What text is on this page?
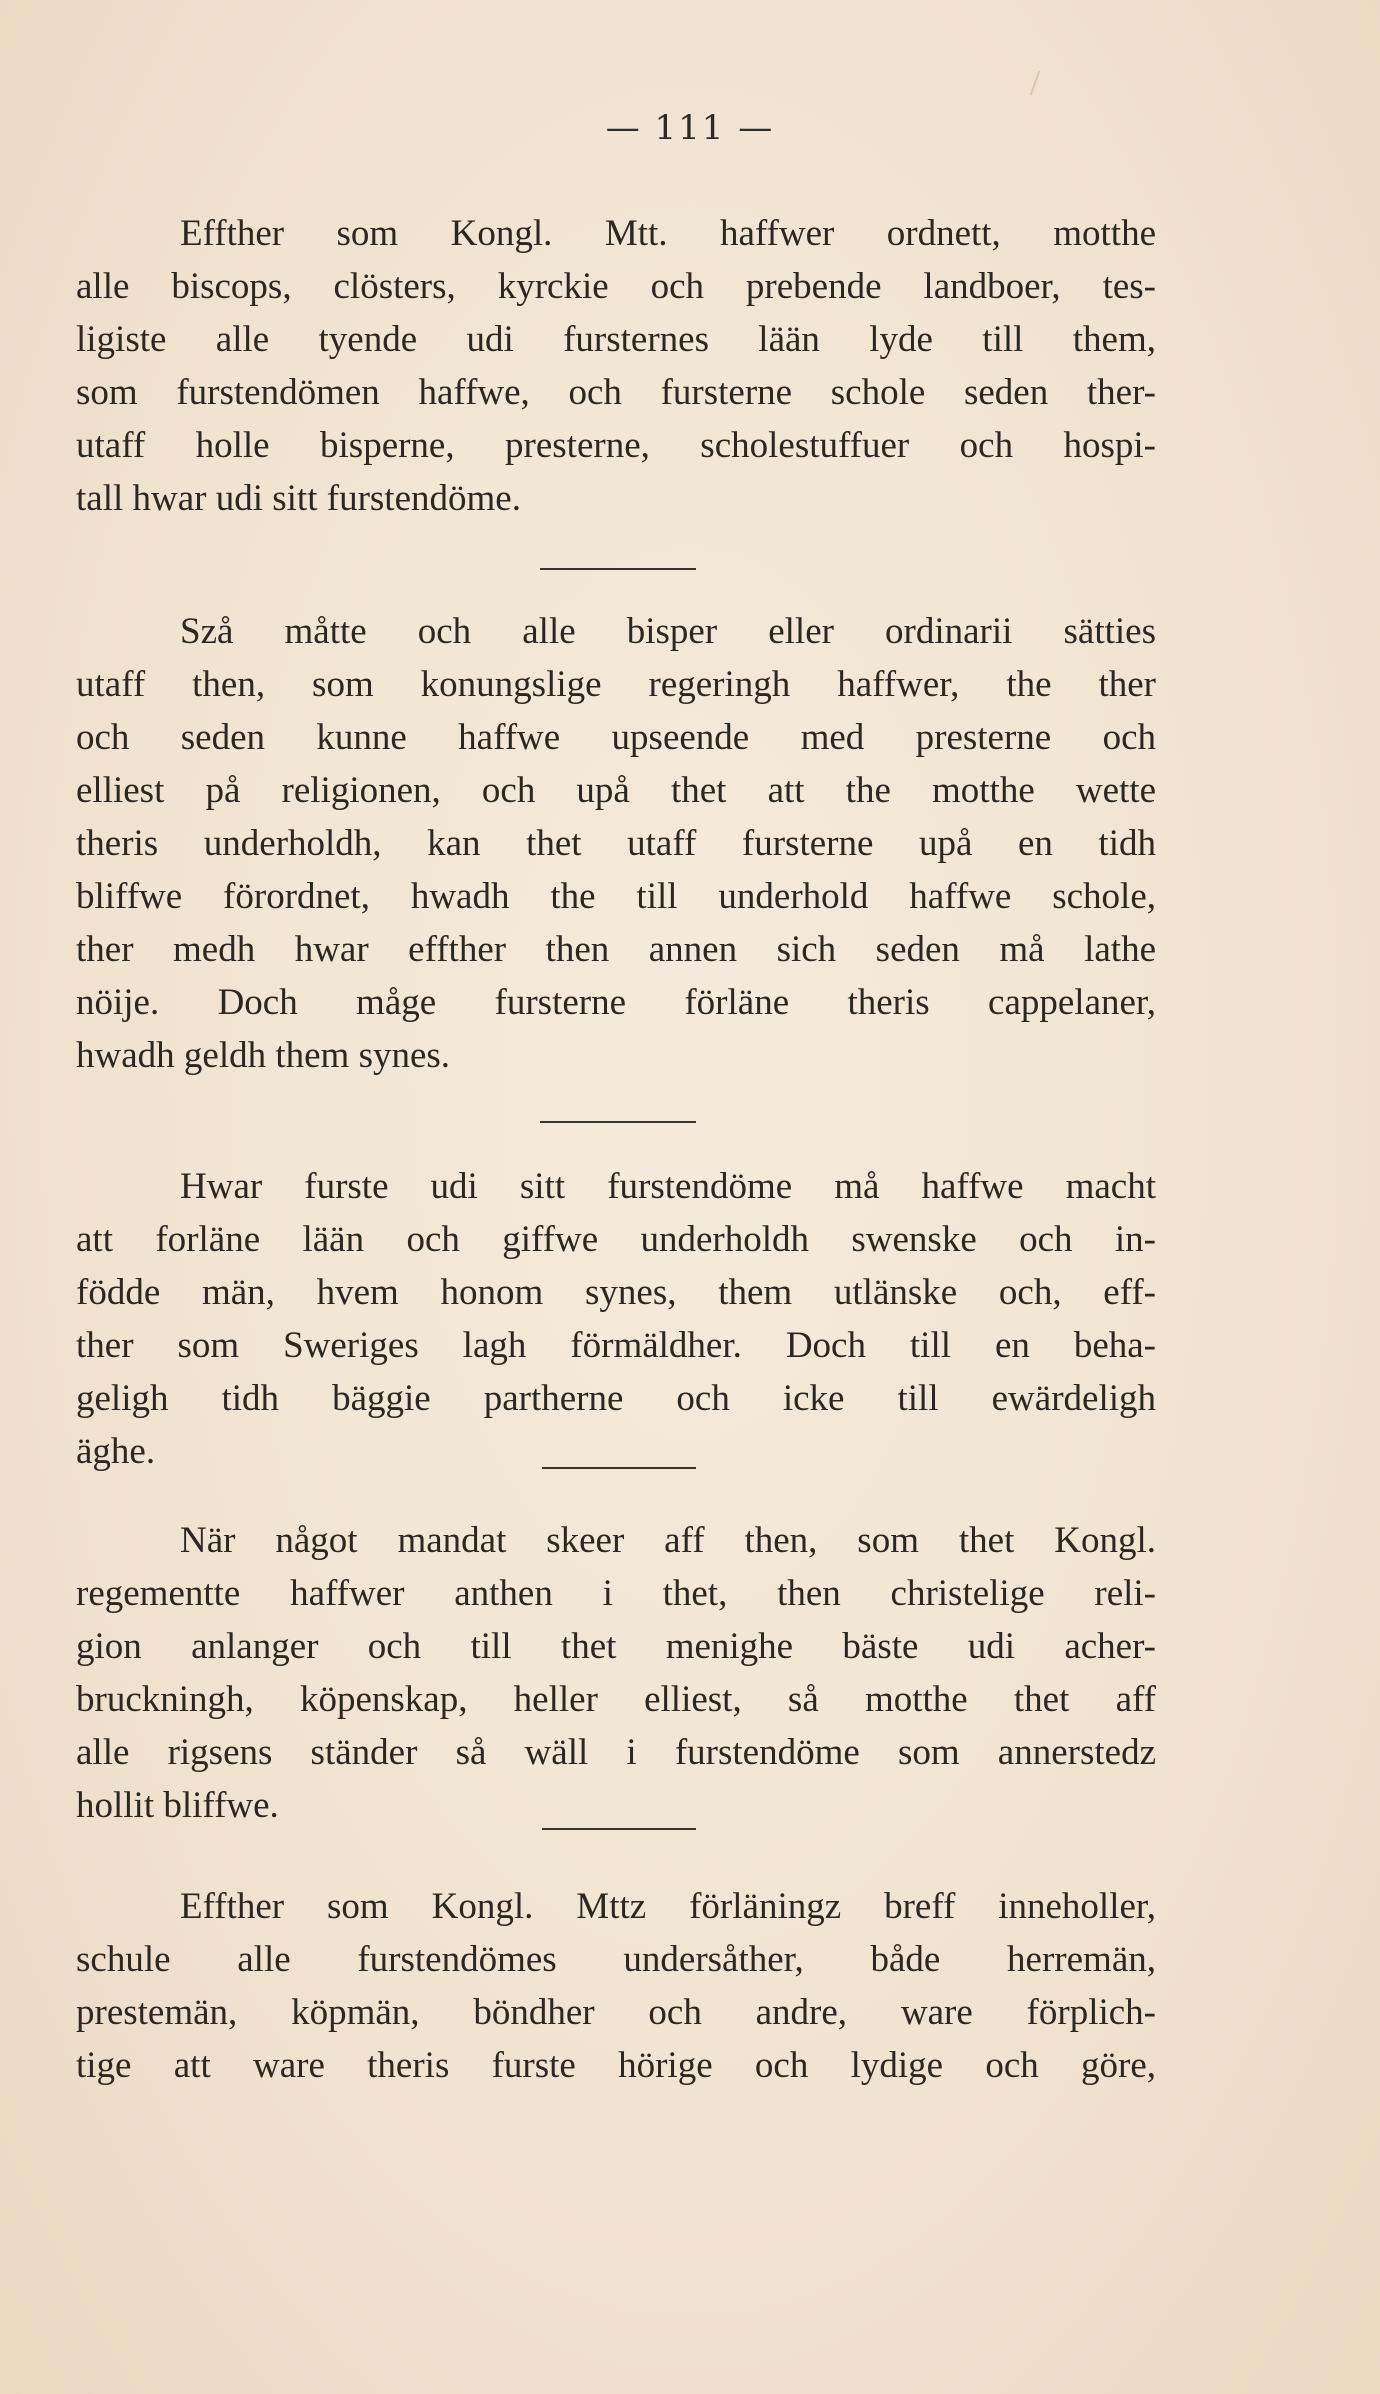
— 111 —
Effther som Kongl. Mtt. haffwer ordnett, motthe
alle biscops, clösters, kyrckie och prebende landboer, tes-
ligiste alle tyende udi fursternes lään lyde till them,
som furstendömen haffwe, och fursterne schole seden ther-
utaff holle bisperne, presterne, scholestuffuer och hospi-
tall hwar udi sitt furstendöme.
Szå måtte och alle bisper eller ordinarii sätties
utaff then, som konungslige regeringh haffwer, the ther
och seden kunne haffwe upseende med presterne och
elliest på religionen, och upå thet att the motthe wette
theris underholdh, kan thet utaff fursterne upå en tidh
bliffwe förordnet, hwadh the till underhold haffwe schole,
ther medh hwar effther then annen sich seden må lathe
nöije. Doch måge fursterne förläne theris cappelaner,
hwadh geldh them synes.
Hwar furste udi sitt furstendöme må haffwe macht
att forläne lään och giffwe underholdh swenske och in-
födde män, hvem honom synes, them utlänske och, eff-
ther som Sweriges lagh förmäldher. Doch till en beha-
geligh tidh bäggie partherne och icke till ewärdeligh
äghe.
När något mandat skeer aff then, som thet Kongl.
regementte haffwer anthen i thet, then christelige reli-
gion anlanger och till thet menighe bäste udi acher-
bruckningh, köpenskap, heller elliest, så motthe thet aff
alle rigsens ständer så wäll i furstendöme som annerstedz
hollit bliffwe.
Effther som Kongl. Mttz förläningz breff inneholler,
schule alle furstendömes undersåther, både herremän,
prestemän, köpmän, böndher och andre, ware förplich-
tige att ware theris furste hörige och lydige och göre,
